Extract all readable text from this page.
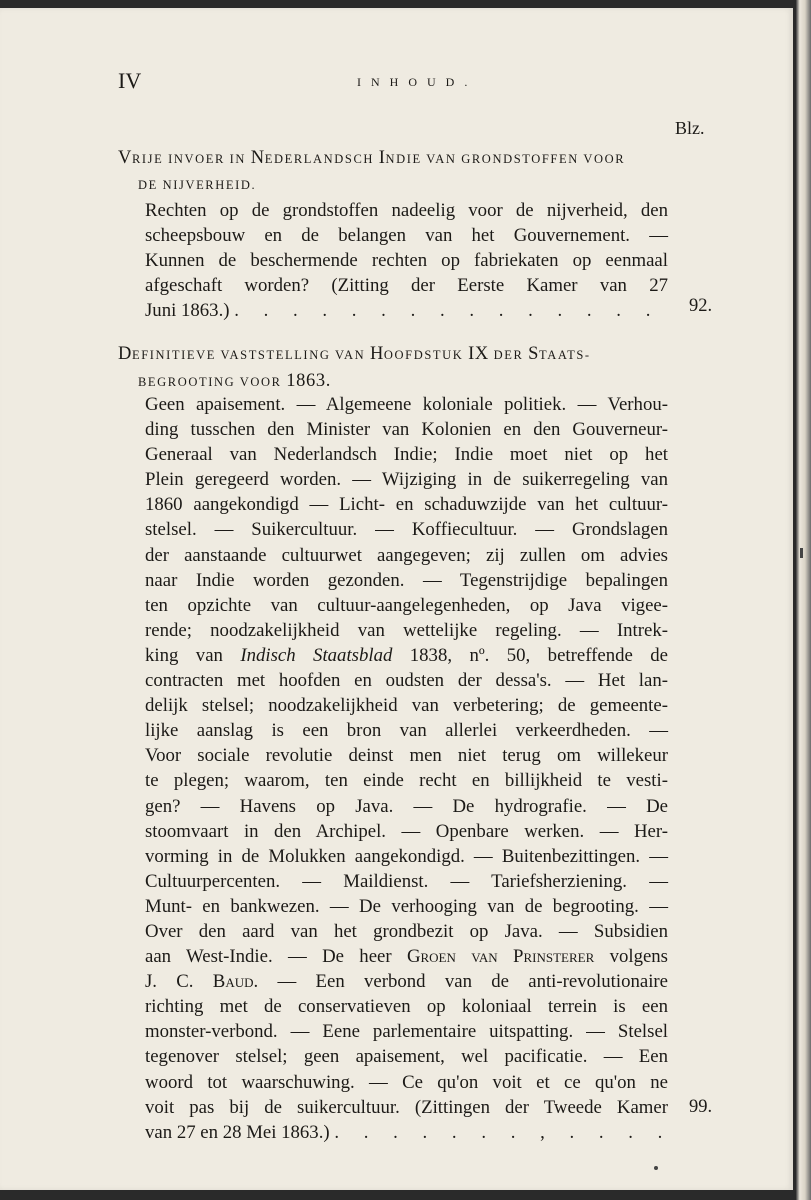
IV	INHOUD.
Blz.
VRIJE INVOER IN NEDERLANDSCH INDIE VAN GRONDSTOFFEN VOOR
DE NIJVERHEID.
Rechten op de grondstoffen nadeelig voor de nijverheid, den
scheepsbouw en de belangen van het Gouvernement. —
Kunnen de beschermende rechten op fabriekaten op eenmaal
afgeschaft worden? (Zitting der Eerste Kamer van 27
Juni 1863.) . . . . . . . . . . . . . . .	92.
DEFINITIEVE VASTSTELLING VAN HOOFDSTUK IX DER STAATS-
BEGROOTING VOOR 1863.
Geen apaisement. — Algemeene koloniale politiek. — Verhou-
ding tusschen den Minister van Kolonien en den Gouverneur-
Generaal van Nederlandsch Indie; Indie moet niet op het
Plein geregeerd worden. — Wijziging in de suikerregeling van
1860 aangekondigd — Licht- en schaduwzijde van het cultuur-
stelsel. — Suikercultuur. — Koffiecultuur. — Grondslagen
der aanstaande cultuurwet aangegeven; zij zullen om advies
naar Indie worden gezonden. — Tegenstrijdige bepalingen
ten opzichte van cultuur-aangelegenheden, op Java vigee-
rende; noodzakelijkheid van wettelijke regeling. — Intrek-
king van Indisch Staatsblad 1838, nº. 50, betreffende de
contracten met hoofden en oudsten der dessa's. — Het lan-
delijk stelsel; noodzakelijkheid van verbetering; de gemeente-
lijke aanslag is een bron van allerlei verkeerdheden. —
Voor sociale revolutie deinst men niet terug om willekeur
te plegen; waarom, ten einde recht en billijkheid te vesti-
gen? — Havens op Java. — De hydrografie. — De
stoomvaart in den Archipel. — Openbare werken. — Her-
vorming in de Molukken aangekondigd. — Buitenbezittingen. —
Cultuurpercenten. — Maildienst. — Tariefsherziening. —
Munt- en bankwezen. — De verhooging van de begrooting. —
Over den aard van het grondbezit op Java. — Subsidien
aan West-Indie. — De heer Groen van Prinsterer volgens
J. C. Baud. — Een verbond van de anti-revolutionaire
richting met de conservatieven op koloniaal terrein is een
monster-verbond. — Eene parlementaire uitspatting. — Stelsel
tegenover stelsel; geen apaisement, wel pacificatie. — Een
woord tot waarschuwing. — Ce qu'on voit et ce qu'on ne
voit pas bij de suikercultuur. (Zittingen der Tweede Kamer
van 27 en 28 Mei 1863.) . . . . . . . , . . . .
99.
